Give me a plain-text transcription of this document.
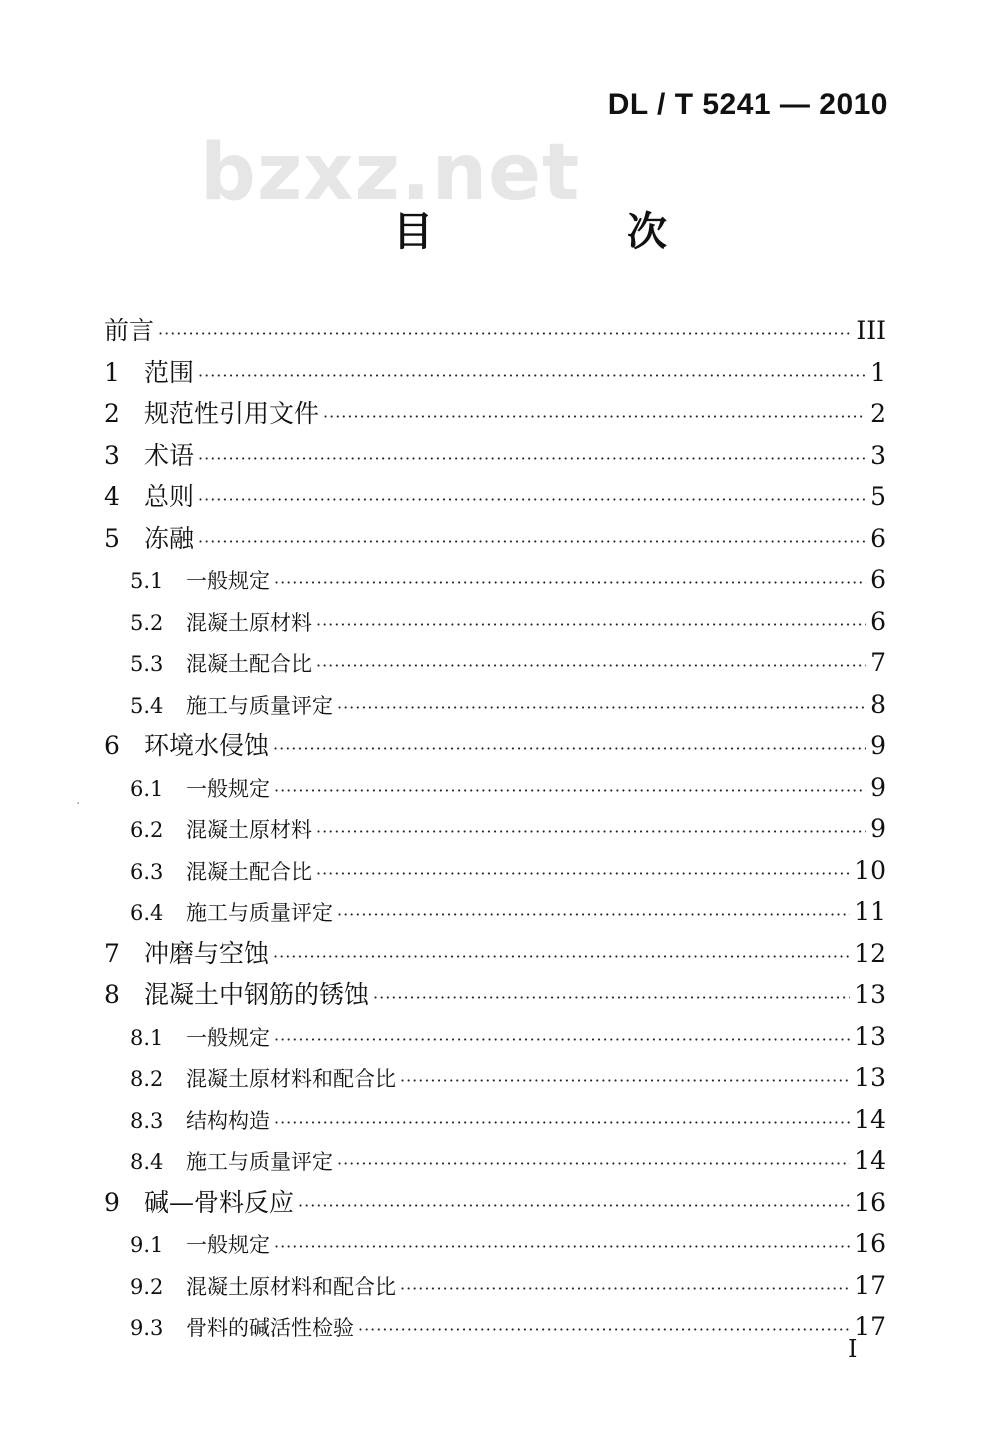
DL / T 5241 — 2010
bzxz.net
目 次
前言 ·····	III
1 范围 ·····	1
2 规范性引用文件 ·····	2
3 术语 ·····	3
4 总则 ·····	5
5 冻融 ·····	6
5.1	一般规定 ·····	6
5.2	混凝土原材料 ·····	6
5.3	混凝土配合比 ·····	7
5.4	施工与质量评定 ·····	8
6 环境水侵蚀 ·····	9
6.1	一般规定 ·····	9
6.2	混凝土原材料 ·····	9
6.3	混凝土配合比 ·····	10
6.4	施工与质量评定 ·····	11
7 冲磨与空蚀 ·····	12
8 混凝土中钢筋的锈蚀 ·····	13
8.1	一般规定 ·····	13
8.2	混凝土原材料和配合比 ·····	13
8.3	结构构造 ·····	14
8.4	施工与质量评定 ·····	14
9 碱—骨料反应 ·····	16
9.1	一般规定 ·····	16
9.2	混凝土原材料和配合比 ·····	17
9.3	骨料的碱活性检验 ·····	17
I
·
